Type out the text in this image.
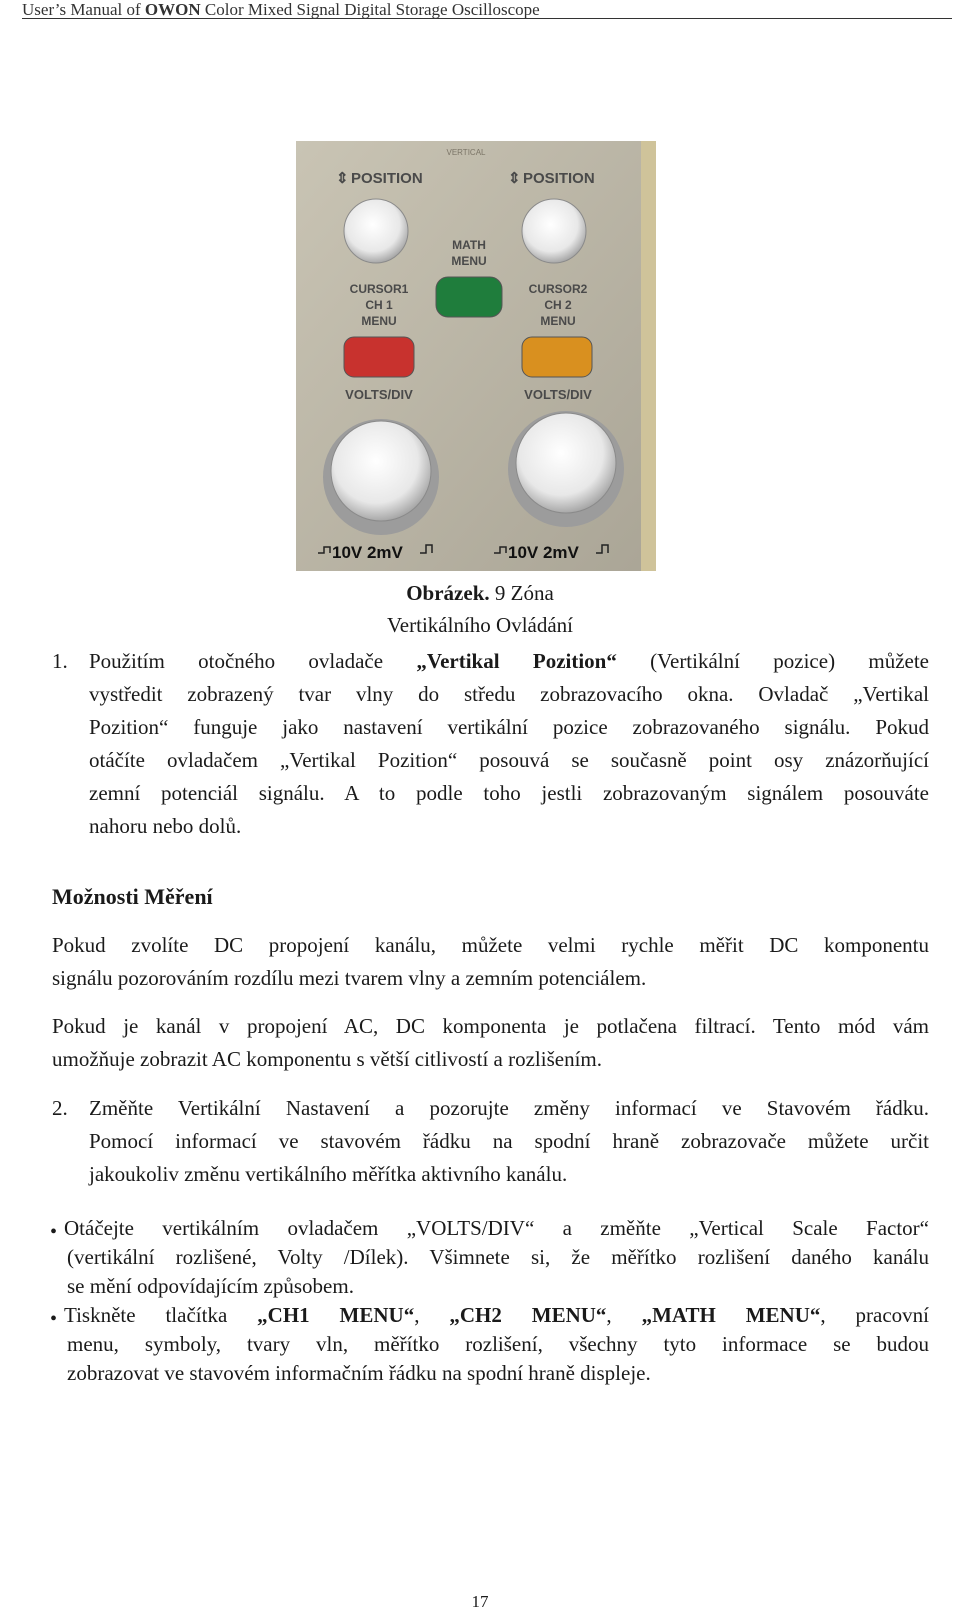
User’s Manual of OWON Color Mixed Signal Digital Storage Oscilloscope
VERTICAL
⇕ POSITION
CURSOR1
CH 1
MENU
VOLTS/DIV
10V 2mV
MATH
MENU
⇕ POSITION
CURSOR2
CH 2
MENU
VOLTS/DIV
10V 2mV
Obrázek. 9 Zóna
Vertikálního Ovládání
1. Použitím otočného ovladače „Vertikal Pozition“ (Vertikální pozice) můžete
vystředit zobrazený tvar vlny do středu zobrazovacího okna. Ovladač „Vertikal
Pozition“ funguje jako nastavení vertikální pozice zobrazovaného signálu. Pokud
otáčíte ovladačem „Vertikal Pozition“ posouvá se současně point osy znázorňující
zemní potenciál signálu. A to podle toho jestli zobrazovaným signálem posouváte
nahoru nebo dolů.
Možnosti Měření
Pokud zvolíte DC propojení kanálu, můžete velmi rychle měřit DC komponentu
signálu pozorováním rozdílu mezi tvarem vlny a zemním potenciálem.
Pokud je kanál v propojení AC, DC komponenta je potlačena filtrací. Tento mód vám
umožňuje zobrazit AC komponentu s větší citlivostí a rozlišením.
2. Změňte Vertikální Nastavení a pozorujte změny informací ve Stavovém řádku.
Pomocí informací ve stavovém řádku na spodní hraně zobrazovače můžete určit
jakoukoliv změnu vertikálního měřítka aktivního kanálu.
• Otáčejte vertikálním ovladačem „VOLTS/DIV“ a změňte „Vertical Scale Factor“
(vertikální rozlišené, Volty /Dílek). Všimnete si, že měřítko rozlišení daného kanálu
se mění odpovídajícím způsobem.
• Tiskněte tlačítka „CH1 MENU“, „CH2 MENU“, „MATH MENU“, pracovní
menu, symboly, tvary vln, měřítko rozlišení, všechny tyto informace se budou
zobrazovat ve stavovém informačním řádku na spodní hraně displeje.
17
